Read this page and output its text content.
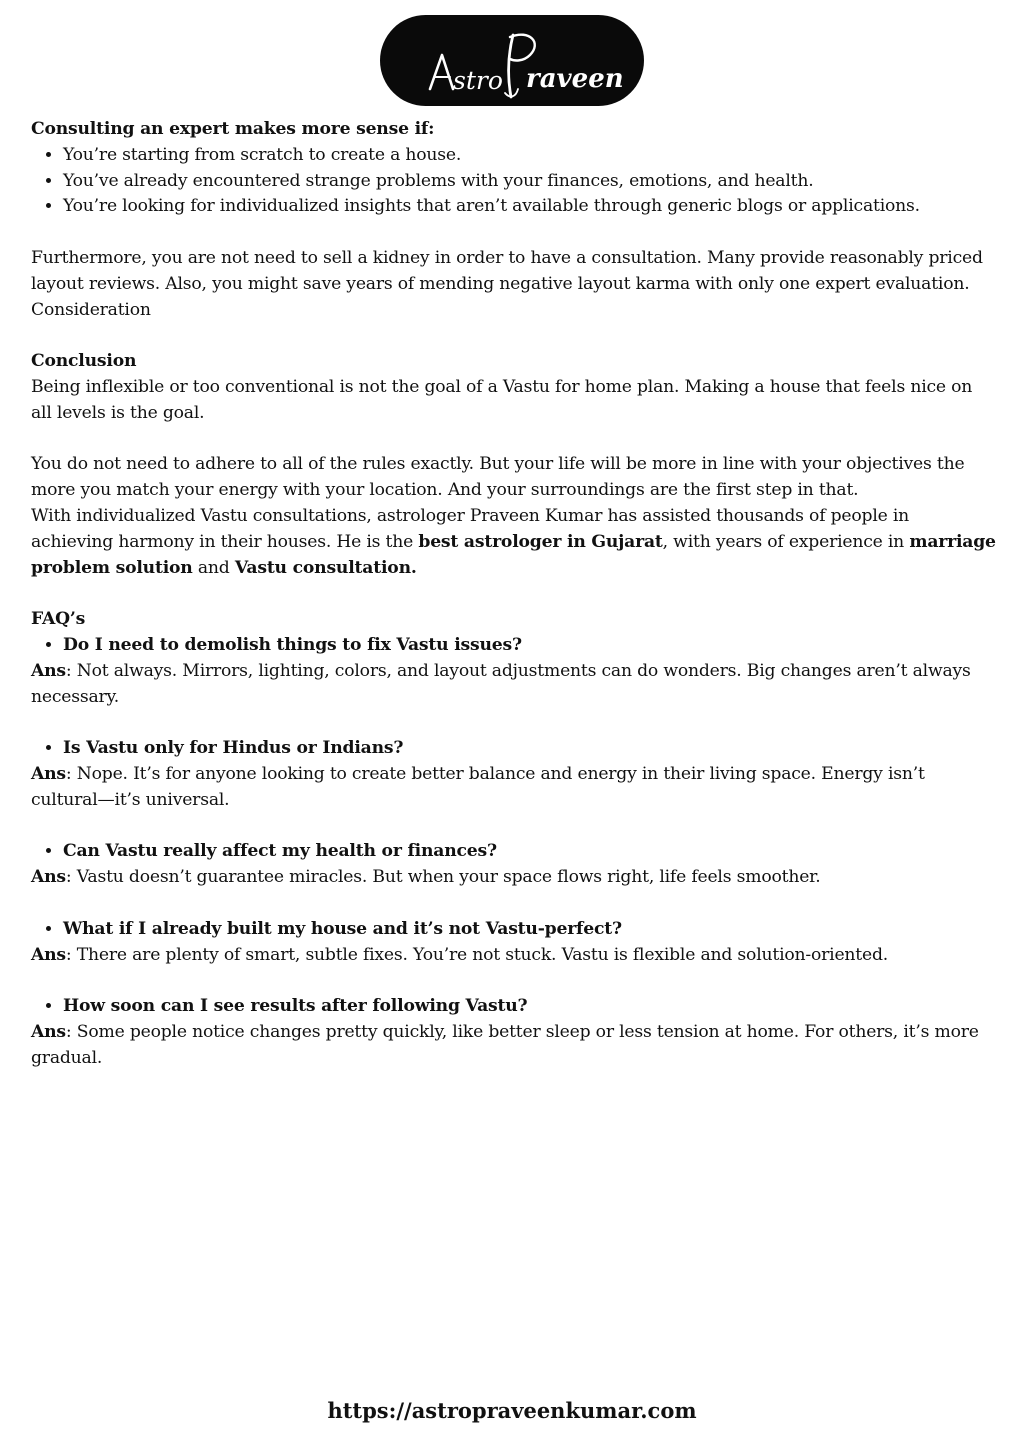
stro raveen

Consulting an expert makes more sense if:

• You’re starting from scratch to create a house.
• You’ve already encountered strange problems with your finances, emotions, and health.
• You’re looking for individualized insights that aren’t available through generic blogs or applications.

Furthermore, you are not need to sell a kidney in order to have a consultation. Many provide reasonably priced layout reviews. Also, you might save years of mending negative layout karma with only one expert evaluation. Consideration

Conclusion

Being inflexible or too conventional is not the goal of a Vastu for home plan. Making a house that feels nice on all levels is the goal.

You do not need to adhere to all of the rules exactly. But your life will be more in line with your objectives the more you match your energy with your location. And your surroundings are the first step in that.

With individualized Vastu consultations, astrologer Praveen Kumar has assisted thousands of people in achieving harmony in their houses. He is the best astrologer in Gujarat, with years of experience in marriage problem solution and Vastu consultation.

FAQ’s

• Do I need to demolish things to fix Vastu issues?

Ans: Not always. Mirrors, lighting, colors, and layout adjustments can do wonders. Big changes aren’t always necessary.

• Is Vastu only for Hindus or Indians?

Ans: Nope. It’s for anyone looking to create better balance and energy in their living space. Energy isn’t cultural—it’s universal.

• Can Vastu really affect my health or finances?

Ans: Vastu doesn’t guarantee miracles. But when your space flows right, life feels smoother.

• What if I already built my house and it’s not Vastu-perfect?

Ans: There are plenty of smart, subtle fixes. You’re not stuck. Vastu is flexible and solution-oriented.

• How soon can I see results after following Vastu?

Ans: Some people notice changes pretty quickly, like better sleep or less tension at home. For others, it’s more gradual.

https://astropraveenkumar.com
